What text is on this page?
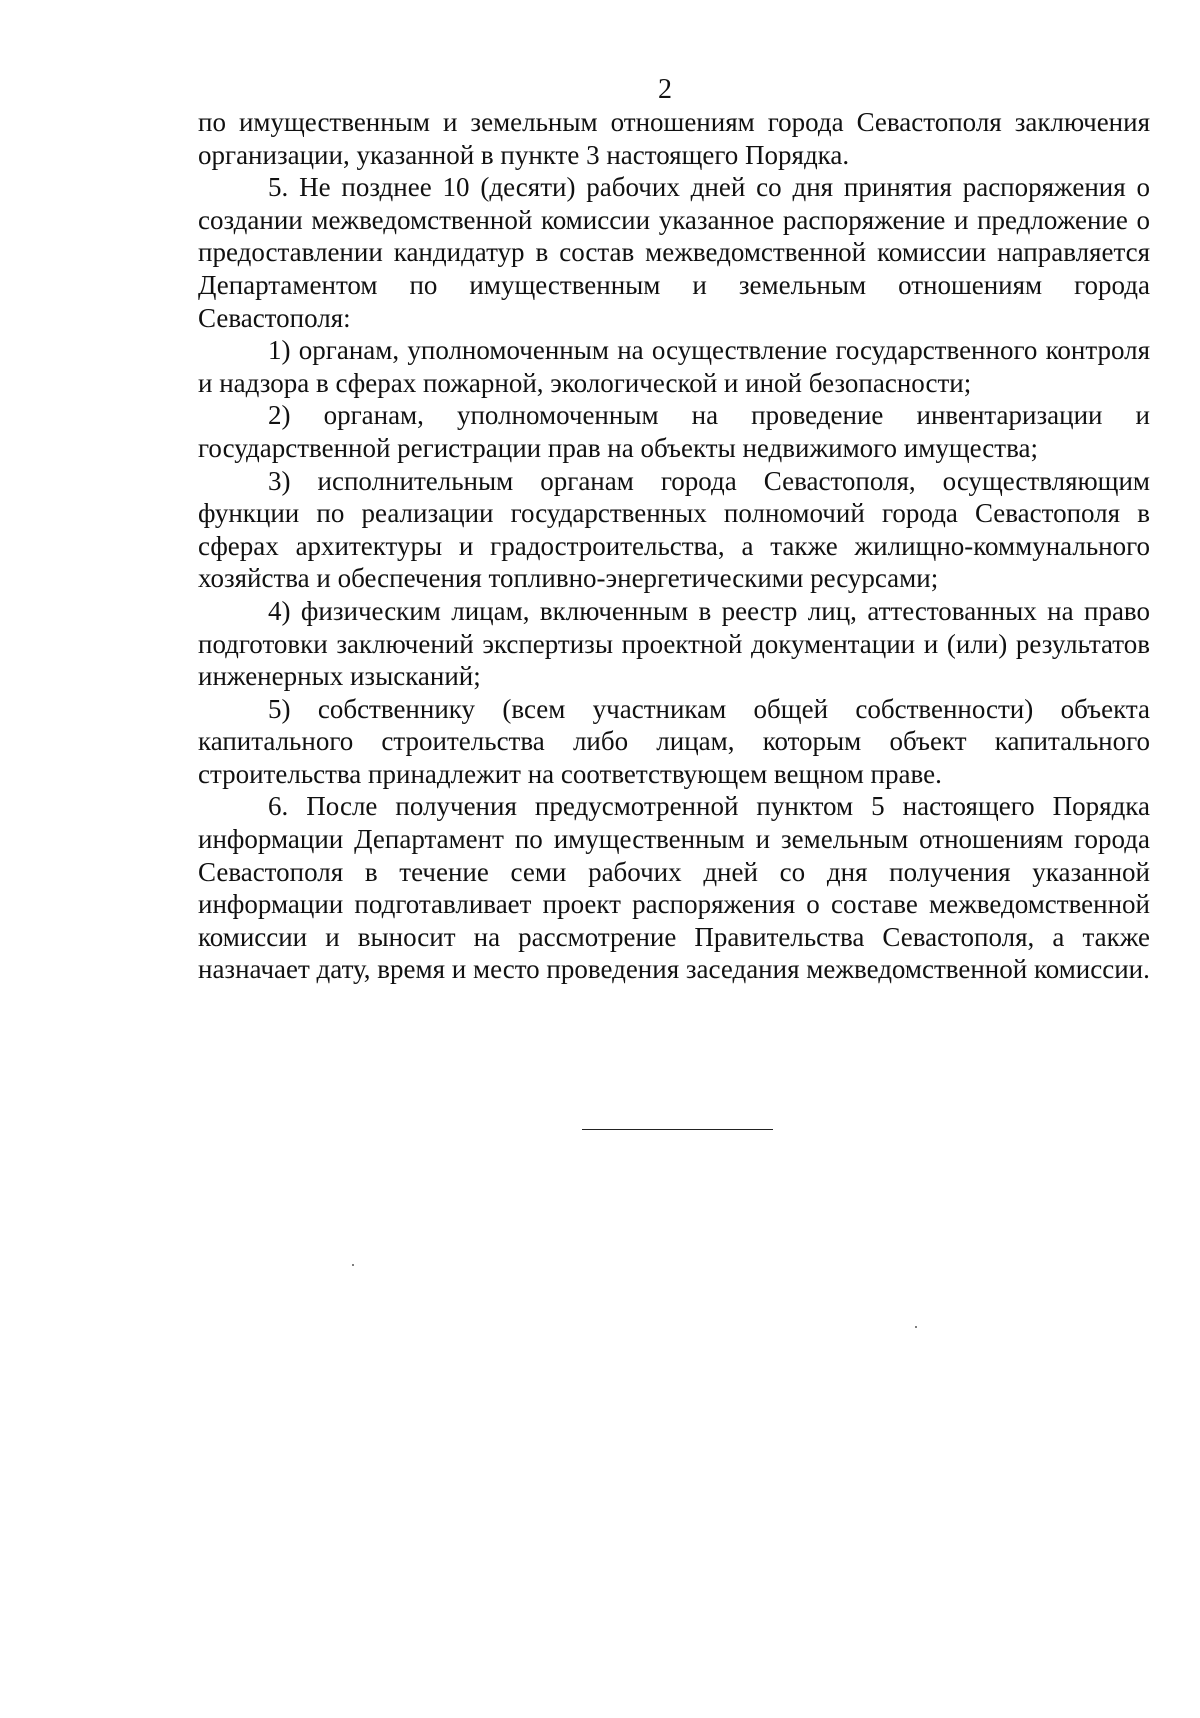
2

по имущественным и земельным отношениям города Севастополя заключения организации, указанной в пункте 3 настоящего Порядка.

5. Не позднее 10 (десяти) рабочих дней со дня принятия распоряжения о создании межведомственной комиссии указанное распоряжение и предложение о предоставлении кандидатур в состав межведомственной комиссии направляется Департаментом по имущественным и земельным отношениям города Севастополя:

1) органам, уполномоченным на осуществление государственного контроля и надзора в сферах пожарной, экологической и иной безопасности;

2) органам, уполномоченным на проведение инвентаризации и государственной регистрации прав на объекты недвижимого имущества;

3) исполнительным органам города Севастополя, осуществляющим функции по реализации государственных полномочий города Севастополя в сферах архитектуры и градостроительства, а также жилищно-коммунального хозяйства и обеспечения топливно-энергетическими ресурсами;

4) физическим лицам, включенным в реестр лиц, аттестованных на право подготовки заключений экспертизы проектной документации и (или) результатов инженерных изысканий;

5) собственнику (всем участникам общей собственности) объекта капитального строительства либо лицам, которым объект капитального строительства принадлежит на соответствующем вещном праве.

6. После получения предусмотренной пунктом 5 настоящего Порядка информации Департамент по имущественным и земельным отношениям города Севастополя в течение семи рабочих дней со дня получения указанной информации подготавливает проект распоряжения о составе межведомственной комиссии и выносит на рассмотрение Правительства Севастополя, а также назначает дату, время и место проведения заседания межведомственной комиссии.
